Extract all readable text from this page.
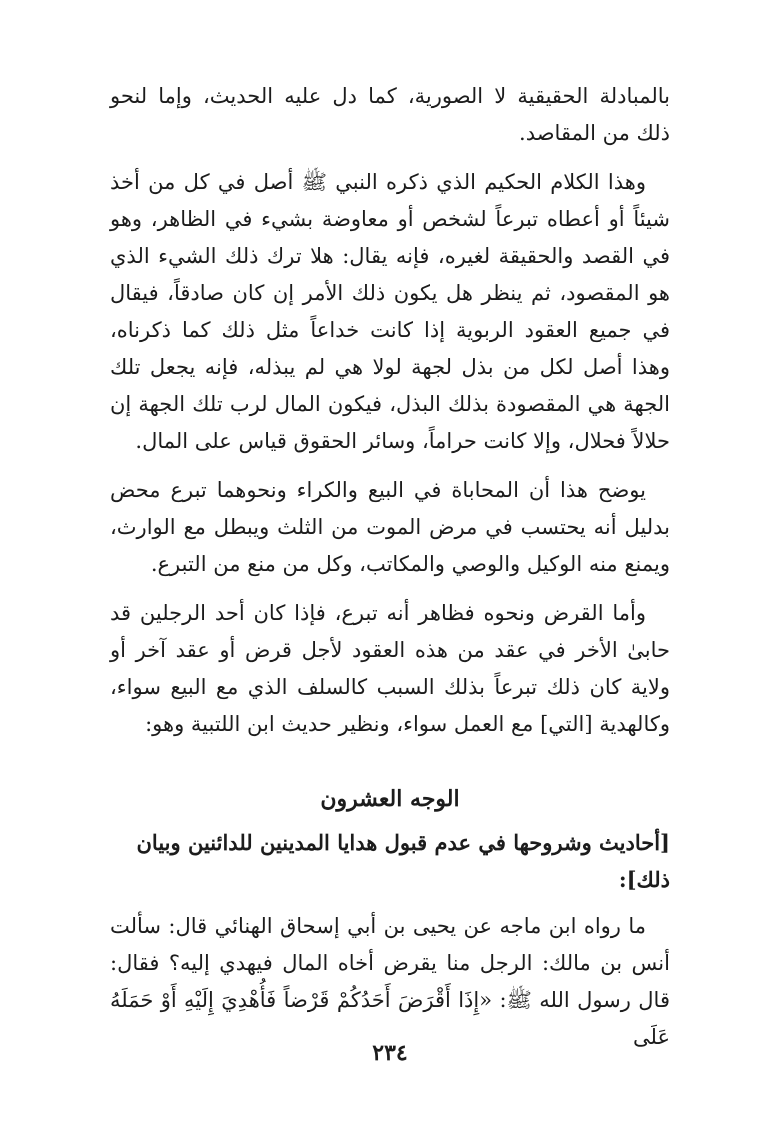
بالمبادلة الحقيقية لا الصورية، كما دل عليه الحديث، وإما لنحو ذلك من المقاصد.

وهذا الكلام الحكيم الذي ذكره النبي ﷺ أصل في كل من أخذ شيئاً أو أعطاه تبرعاً لشخص أو معاوضة بشيء في الظاهر، وهو في القصد والحقيقة لغيره، فإنه يقال: هلا ترك ذلك الشيء الذي هو المقصود، ثم ينظر هل يكون ذلك الأمر إن كان صادقاً، فيقال في جميع العقود الربوية إذا كانت خداعاً مثل ذلك كما ذكرناه، وهذا أصل لكل من بذل لجهة لولا هي لم يبذله، فإنه يجعل تلك الجهة هي المقصودة بذلك البذل، فيكون المال لرب تلك الجهة إن حلالاً فحلال، وإلا كانت حراماً، وسائر الحقوق قياس على المال.

يوضح هذا أن المحاباة في البيع والكراء ونحوهما تبرع محض بدليل أنه يحتسب في مرض الموت من الثلث ويبطل مع الوارث، ويمنع منه الوكيل والوصي والمكاتب، وكل من منع من التبرع.

وأما القرض ونحوه فظاهر أنه تبرع، فإذا كان أحد الرجلين قد حابىٰ الأخر في عقد من هذه العقود لأجل قرض أو عقد آخر أو ولاية كان ذلك تبرعاً بذلك السبب كالسلف الذي مع البيع سواء، وكالهدية [التي] مع العمل سواء، ونظير حديث ابن اللتبية وهو:

الوجه العشرون
[أحاديث وشروحها في عدم قبول هدايا المدينين للدائنين وبيان ذلك]:

ما رواه ابن ماجه عن يحيى بن أبي إسحاق الهنائي قال: سألت أنس بن مالك: الرجل منا يقرض أخاه المال فيهدي إليه؟ فقال: قال رسول الله ﷺ: «إِذَا أَقْرَضَ أَحَدُكُمْ قَرْضاً فَأُهْدِيَ إِلَيْهِ أَوْ حَمَلَهُ عَلَى

٢٣٤
